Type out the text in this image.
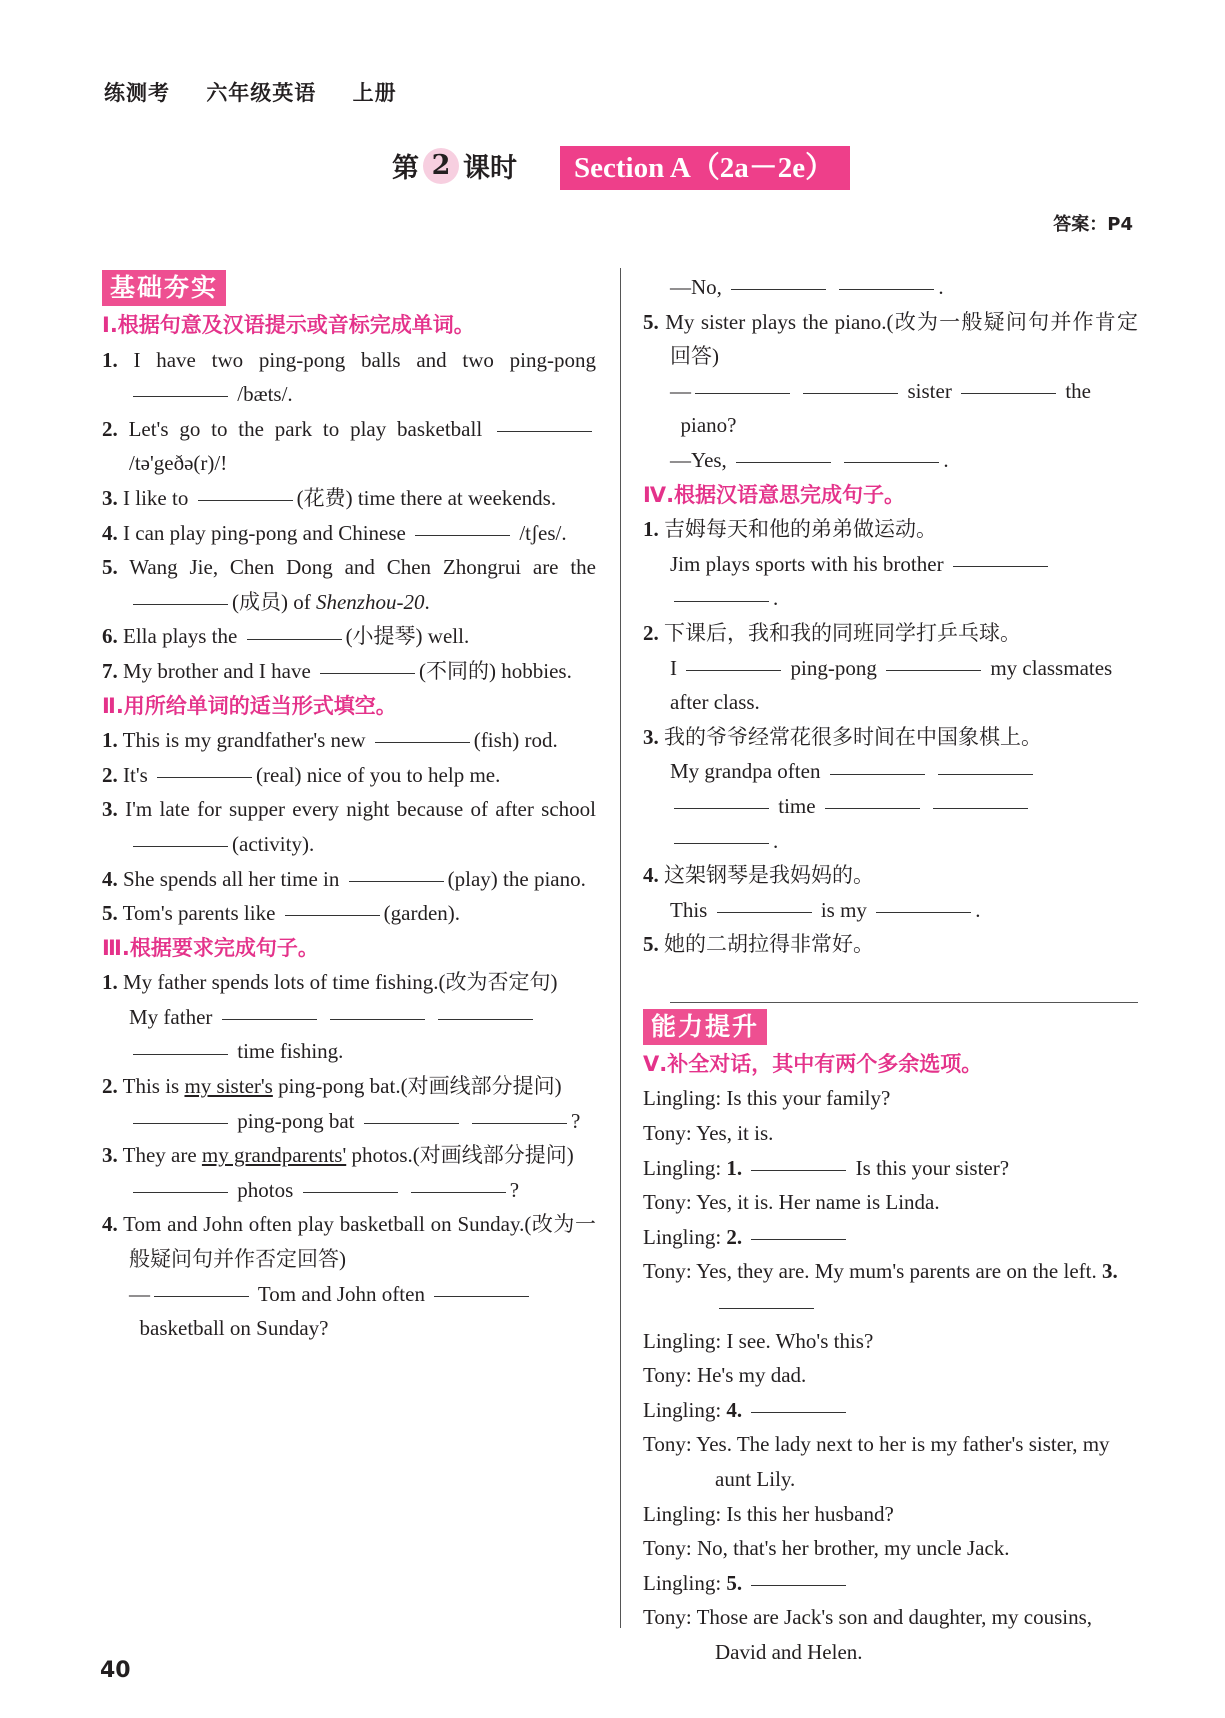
练测考 六年级英语 上册
第 2 课时	Section A（2a－2e）
答案：P4
基础夯实
Ⅰ.根据句意及汉语提示或音标完成单词。
1. I have two ping-pong balls and two ping-pong  /bæts/.
2. Let's go to the park to play basketball  /tə'geðə(r)/!
3. I like to	(花费) time there at weekends.
4. I can play ping-pong and Chinese	/tʃes/.
5. Wang Jie, Chen Dong and Chen Zhongrui are the (成员) of Shenzhou-20.
6. Ella plays the	(小提琴) well.
7. My brother and I have	(不同的) hobbies.
Ⅱ.用所给单词的适当形式填空。
1. This is my grandfather's new	(fish) rod.
2. It's	(real) nice of you to help me.
3. I'm late for supper every night because of after school (activity).
4. She spends all her time in	(play) the piano.
5. Tom's parents like	(garden).
Ⅲ.根据要求完成句子。
1. My father spends lots of time fishing.(改为否定句)
My father
time fishing.
2. This is my sister's ping-pong bat.(对画线部分提问)
ping-pong bat	?
3. They are my grandparents' photos.(对画线部分提问)
photos	?
4. Tom and John often play basketball on Sunday.(改为一般疑问句并作否定回答)
—	Tom and John often
basketball on Sunday?
—No,	.
5. My sister plays the piano.(改为一般疑问句并作肯定回答)
—	sister	the
piano?
—Yes,	.
Ⅳ.根据汉语意思完成句子。
1. 吉姆每天和他的弟弟做运动。
Jim plays sports with his brother
.
2. 下课后，我和我的同班同学打乒乓球。
I	ping-pong	my classmates after class.
3. 我的爷爷经常花很多时间在中国象棋上。
My grandpa often
time   .
4. 这架钢琴是我妈妈的。
This	is my	.
5. 她的二胡拉得非常好。
能力提升
Ⅴ.补全对话，其中有两个多余选项。
Lingling: Is this your family?
Tony: Yes, it is.
Lingling: 1.	Is this your sister?
Tony: Yes, it is. Her name is Linda.
Lingling: 2.
Tony: Yes, they are. My mum's parents are on the left. 3.
Lingling: I see. Who's this?
Tony: He's my dad.
Lingling: 4.
Tony: Yes. The lady next to her is my father's sister, my aunt Lily.
Lingling: Is this her husband?
Tony: No, that's her brother, my uncle Jack.
Lingling: 5.
Tony: Those are Jack's son and daughter, my cousins, David and Helen.
40
